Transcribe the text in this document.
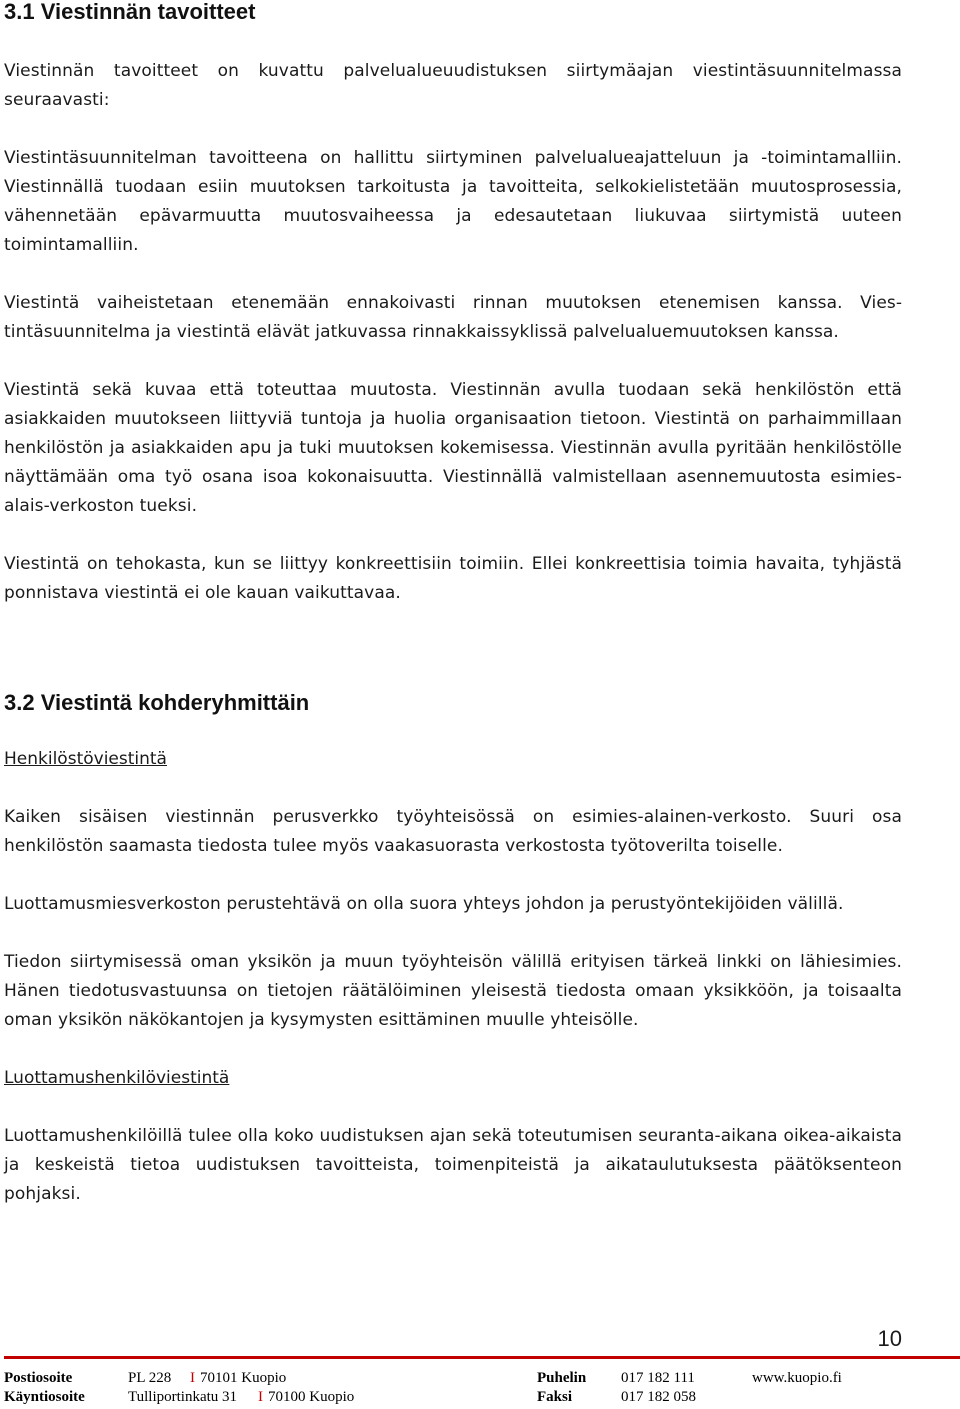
3.1 Viestinnän tavoitteet

Viestinnän tavoitteet on kuvattu palvelualueuudistuksen siirtymäajan viestintäsuunnitelmassa seuraavasti:

Viestintäsuunnitelman tavoitteena on hallittu siirtyminen palvelualueajatteluun ja -toimintamalliin. Viestinnällä tuodaan esiin muutoksen tarkoitusta ja tavoitteita, selkokielistetään muutosprosessia, vähennetään epävarmuutta muutosvaiheessa ja edesautetaan liukuvaa siirtymistä uuteen toimintamalliin.

Viestintä vaiheistetaan etenemään ennakoivasti rinnan muutoksen etenemisen kanssa. Viestintäsuunnitelma ja viestintä elävät jatkuvassa rinnakkaissyklissä palvelualuemuutoksen kanssa.

Viestintä sekä kuvaa että toteuttaa muutosta. Viestinnän avulla tuodaan sekä henkilöstön että asiakkaiden muutokseen liittyviä tuntoja ja huolia organisaation tietoon. Viestintä on parhaimmillaan henkilöstön ja asiakkaiden apu ja tuki muutoksen kokemisessa. Viestinnän avulla pyritään henkilöstölle näyttämään oma työ osana isoa kokonaisuutta. Viestinnällä valmistellaan asennemuutosta esimies-alais-verkoston tueksi.

Viestintä on tehokasta, kun se liittyy konkreettisiin toimiin. Ellei konkreettisia toimia havaita, tyhjästä ponnistava viestintä ei ole kauan vaikuttavaa.

3.2 Viestintä kohderyhmittäin
Henkilöstöviestintä

Kaiken sisäisen viestinnän perusverkko työyhteisössä on esimies-alainen-verkosto. Suuri osa henkilöstön saamasta tiedosta tulee myös vaakasuorasta verkostosta työtoverilta toiselle.

Luottamusmiesverkoston perustehtävä on olla suora yhteys johdon ja perustyöntekijöiden välillä.

Tiedon siirtymisessä oman yksikön ja muun työyhteisön välillä erityisen tärkeä linkki on lähiesimies. Hänen tiedotusvastuunsa on tietojen räätälöiminen yleisestä tiedosta omaan yksikköön, ja toisaalta oman yksikön näkökantojen ja kysymysten esittäminen muulle yhteisölle.

Luottamushenkilöviestintä

Luottamushenkilöillä tulee olla koko uudistuksen ajan sekä toteutumisen seuranta-aikana oikea-aikaista ja keskeistä tietoa uudistuksen tavoitteista, toimenpiteistä ja aikataulutuksesta päätöksenteon pohjaksi.

10
Postiosoite	PL 228 I 70101 Kuopio	Puhelin 017 182 111	www.kuopio.fi
Käyntiosoite	Tulliportinkatu 31 I 70100 Kuopio	Faksi	017 182 058
